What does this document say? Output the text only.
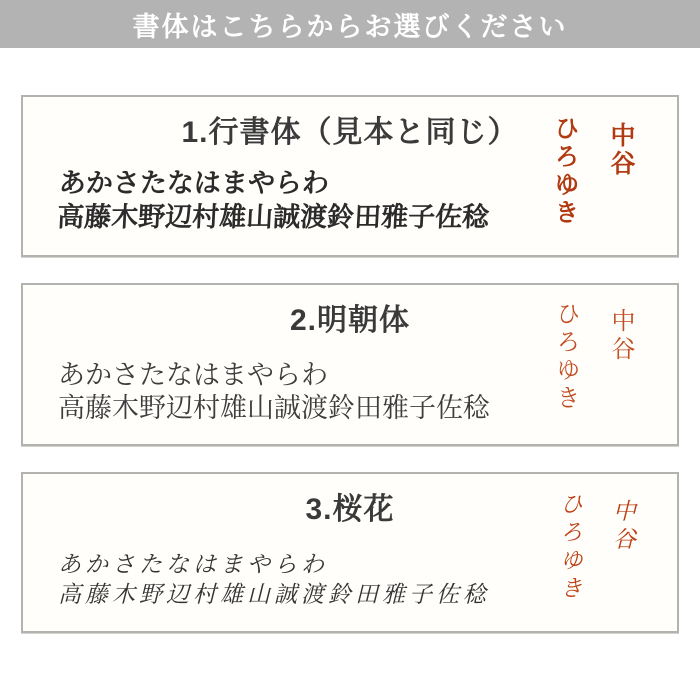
書体はこちらからお選びください
1.行書体（見本と同じ）
あかさたなはまやらわ
高藤木野辺村雄山誠渡鈴田雅子佐稔
中谷
ひろゆき
2.明朝体
あかさたなはまやらわ
高藤木野辺村雄山誠渡鈴田雅子佐稔
中谷
ひろゆき
3.桜花
あかさたなはまやらわ
高藤木野辺村雄山誠渡鈴田雅子佐稔
中谷
ひろゆき
